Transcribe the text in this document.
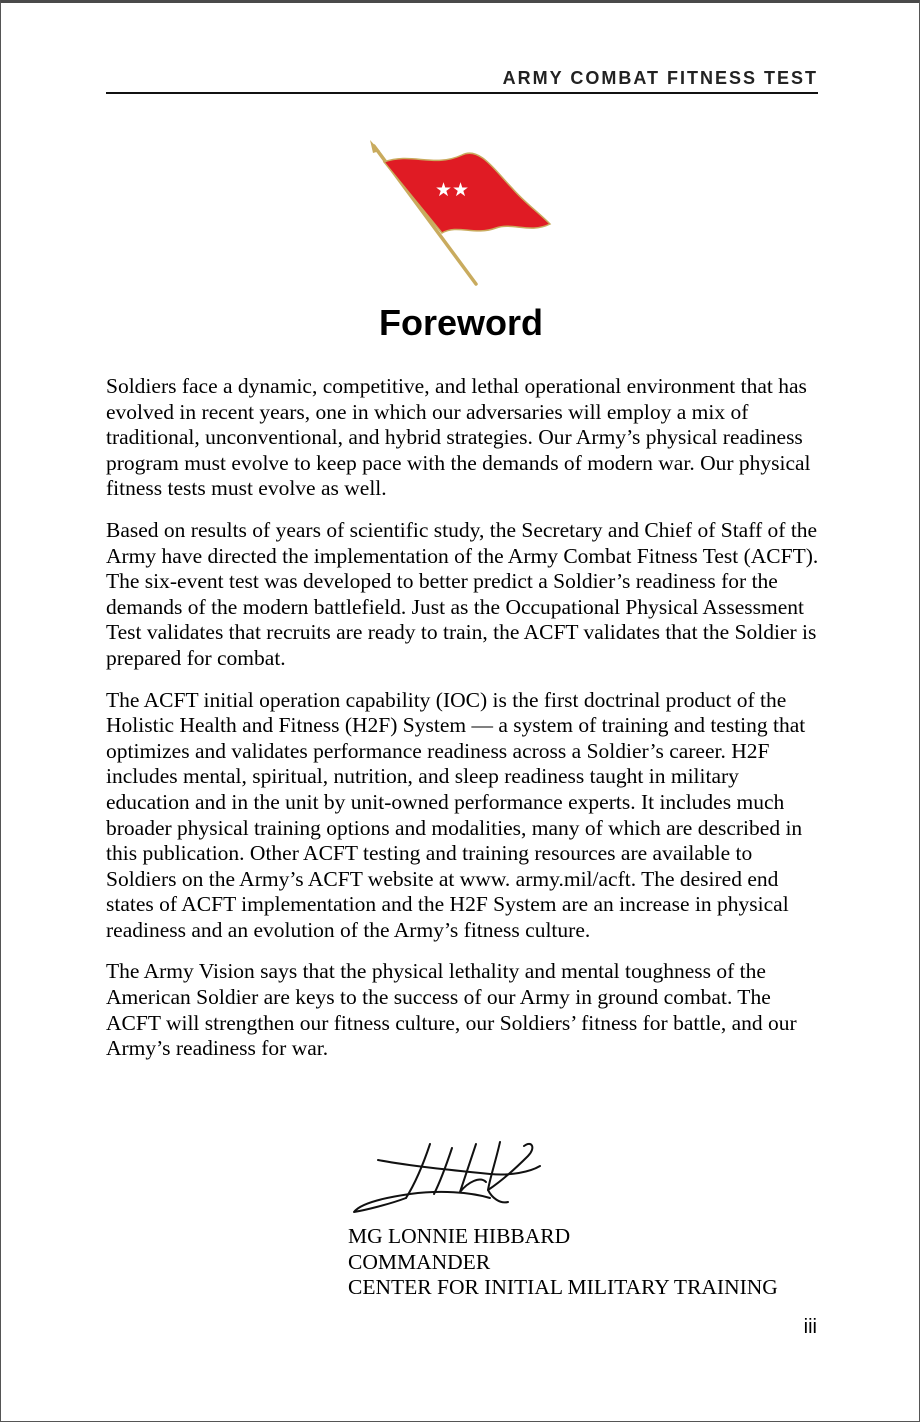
ARMY COMBAT FITNESS TEST
★★
Foreword

Soldiers face a dynamic, competitive, and lethal operational environment that has evolved in recent years, one in which our adversaries will employ a mix of traditional, unconventional, and hybrid strategies. Our Army’s physical readiness program must evolve to keep pace with the demands of modern war. Our physical fitness tests must evolve as well.

Based on results of years of scientific study, the Secretary and Chief of Staff of the Army have directed the implementation of the Army Combat Fitness Test (ACFT). The six-event test was developed to better predict a Soldier’s readiness for the demands of the modern battlefield. Just as the Occupational Physical Assessment Test validates that recruits are ready to train, the ACFT validates that the Soldier is prepared for combat.

The ACFT initial operation capability (IOC) is the first doctrinal product of the Holistic Health and Fitness (H2F) System — a system of training and testing that optimizes and validates performance readiness across a Soldier’s career. H2F includes mental, spiritual, nutrition, and sleep readiness taught in military education and in the unit by unit-owned performance experts. It includes much broader physical training options and modalities, many of which are described in this publication. Other ACFT testing and training resources are available to Soldiers on the Army’s ACFT website at www. army.mil/acft. The desired end states of ACFT implementation and the H2F System are an increase in physical readiness and an evolution of the Army’s fitness culture.

The Army Vision says that the physical lethality and mental toughness of the American Soldier are keys to the success of our Army in ground combat. The ACFT will strengthen our fitness culture, our Soldiers’ fitness for battle, and our Army’s readiness for war.

MG LONNIE HIBBARD
COMMANDER
CENTER FOR INITIAL MILITARY TRAINING
iii
